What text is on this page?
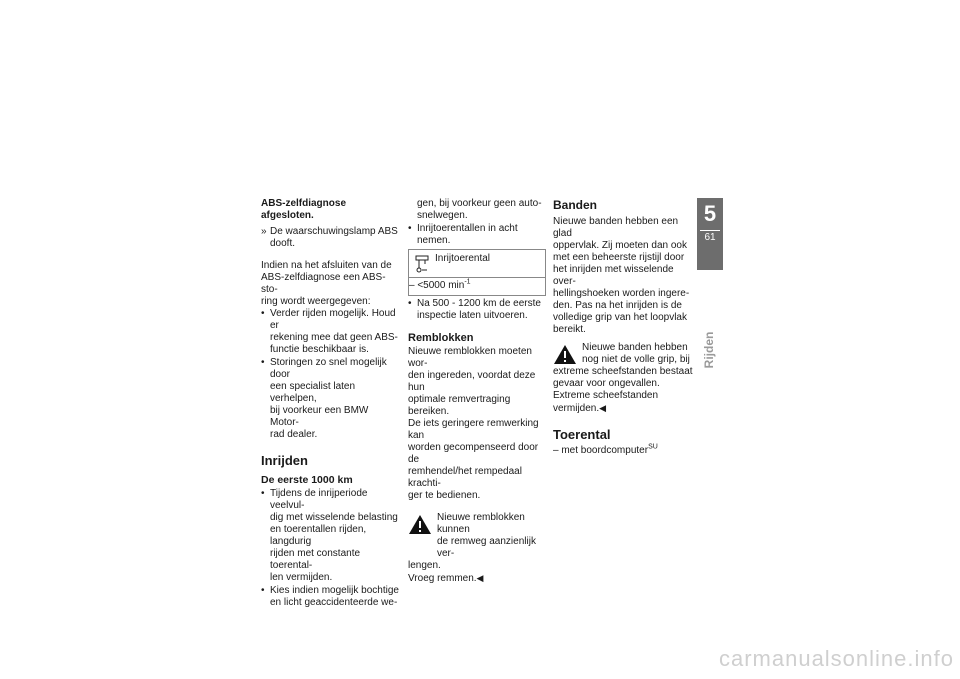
ABS-zelfdiagnose afgesloten.

» De waarschuwingslamp ABS dooft.

Indien na het afsluiten van de
ABS-zelfdiagnose een ABS-sto-
ring wordt weergegeven:

• Verder rijden mogelijk. Houd er
rekening mee dat geen ABS-
functie beschikbaar is.
• Storingen zo snel mogelijk door
een specialist laten verhelpen,
bij voorkeur een BMW Motor-
rad dealer.
Inrijden
De eerste 1000 km
• Tijdens de inrijperiode veelvul-
dig met wisselende belasting
en toerentallen rijden, langdurig
rijden met constante toerental-
len vermijden.
• Kies indien mogelijk bochtige
en licht geaccidenteerde we-
gen, bij voorkeur geen auto-
snelwegen.
• Inrijtoerentallen in acht nemen.
Inrijtoerental
– <5000 $\min^{-1}$
• Na 500 - 1200 km de eerste
inspectie laten uitvoeren.
Remblokken

Nieuwe remblokken moeten wor-
den ingereden, voordat deze hun
optimale remvertraging bereiken.
De iets geringere remwerking kan
worden gecompenseerd door de
remhendel/het rempedaal krachti-
ger te bedienen.

Nieuwe remblokken kunnen
de remweg aanzienlijk ver-
lengen.
Vroeg remmen.◀
Banden

Nieuwe banden hebben een glad
oppervlak. Zij moeten dan ook
met een beheerste rijstijl door
het inrijden met wisselende over-
hellingshoeken worden ingere-
den. Pas na het inrijden is de
volledige grip van het loopvlak
bereikt.

Nieuwe banden hebben
nog niet de volle grip, bij
extreme scheefstanden bestaat
gevaar voor ongevallen.
Extreme scheefstanden
vermijden.◀
Toerental

– met boordcomputer$^{SU}$

5
61
Rijden
carmanualsonline.info
